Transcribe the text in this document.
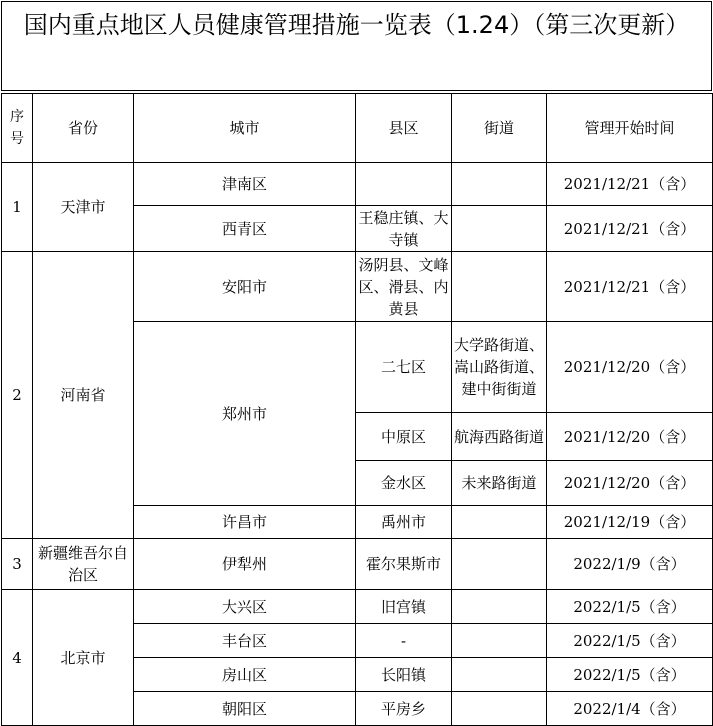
国内重点地区人员健康管理措施一览表（1.24）（第三次更新）
序号	省份	城市	县区	街道	管理开始时间
1	天津市	津南区			2021/12/21（含）
		西青区	王稳庄镇、大寺镇		2021/12/21（含）
2	河南省	安阳市	汤阴县、文峰区、滑县、内黄县		2021/12/21（含）
		郑州市	二七区	大学路街道、嵩山路街道、建中街街道	2021/12/20（含）
			中原区	航海西路街道	2021/12/20（含）
			金水区	未来路街道	2021/12/20（含）
		许昌市	禹州市		2021/12/19（含）
3	新疆维吾尔自治区	伊犁州	霍尔果斯市		2022/1/9（含）
4	北京市	大兴区	旧宫镇		2022/1/5（含）
		丰台区	-		2022/1/5（含）
		房山区	长阳镇		2022/1/5（含）
		朝阳区	平房乡		2022/1/4（含）
